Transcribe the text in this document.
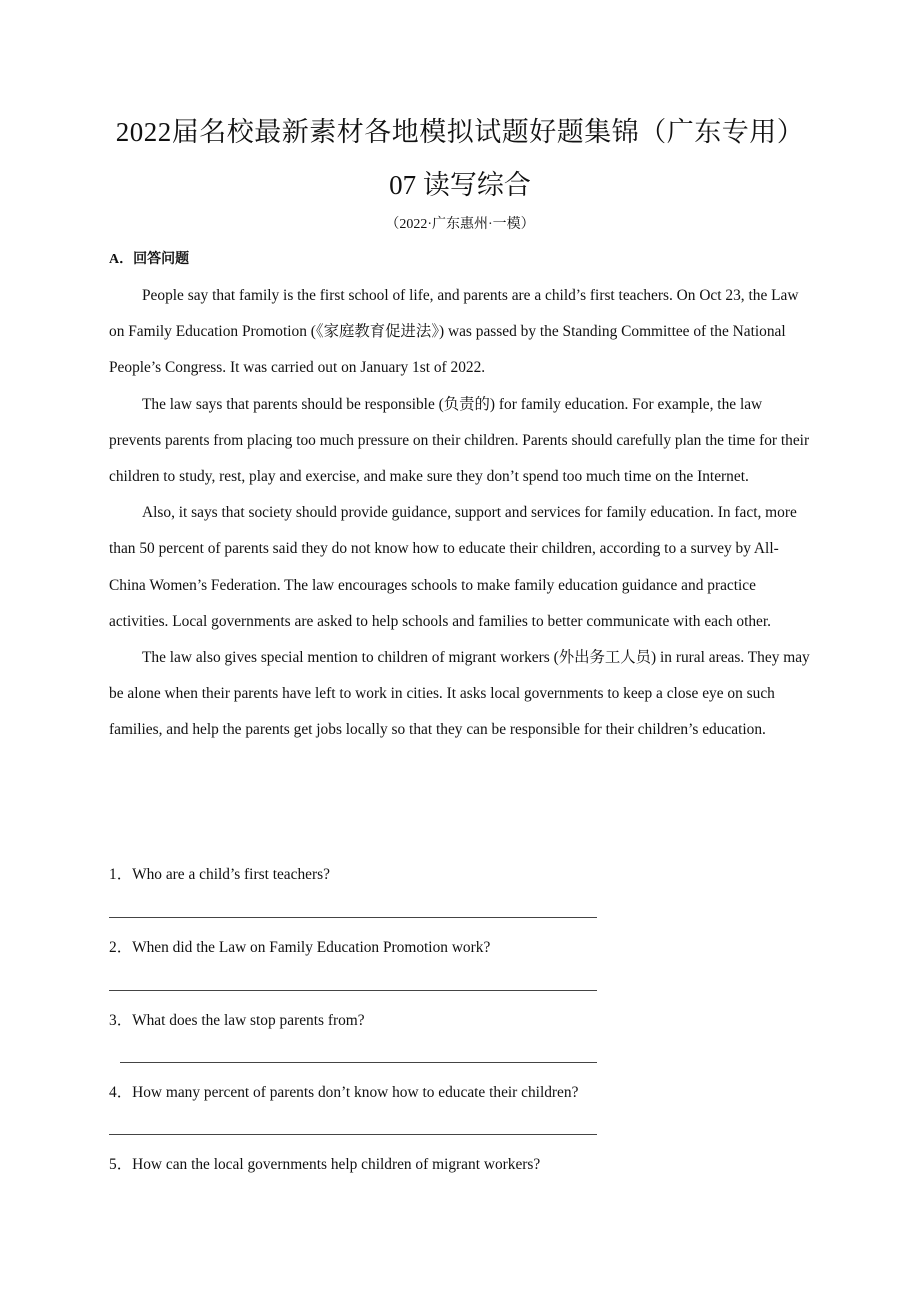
2022届名校最新素材各地模拟试题好题集锦（广东专用）
07 读写综合
（2022·广东惠州·一模）
A．回答问题

People say that family is the first school of life, and parents are a child’s first teachers. On Oct 23, the Law on Family Education Promotion (《家庭教育促进法》) was passed by the Standing Committee of the National People’s Congress. It was carried out on January 1st of 2022.

The law says that parents should be responsible (负责的) for family education. For example, the law prevents parents from placing too much pressure on their children. Parents should carefully plan the time for their children to study, rest, play and exercise, and make sure they don’t spend too much time on the Internet.

Also, it says that society should provide guidance, support and services for family education. In fact, more than 50 percent of parents said they do not know how to educate their children, according to a survey by All-China Women’s Federation. The law encourages schools to make family education guidance and practice activities. Local governments are asked to help schools and families to better communicate with each other.

The law also gives special mention to children of migrant workers (外出务工人员) in rural areas. They may be alone when their parents have left to work in cities. It asks local governments to keep a close eye on such families, and help the parents get jobs locally so that they can be responsible for their children’s education.

1．Who are a child’s first teachers?
2．When did the Law on Family Education Promotion work?
3．What does the law stop parents from?
4．How many percent of parents don’t know how to educate their children?
5．How can the local governments help children of migrant workers?
